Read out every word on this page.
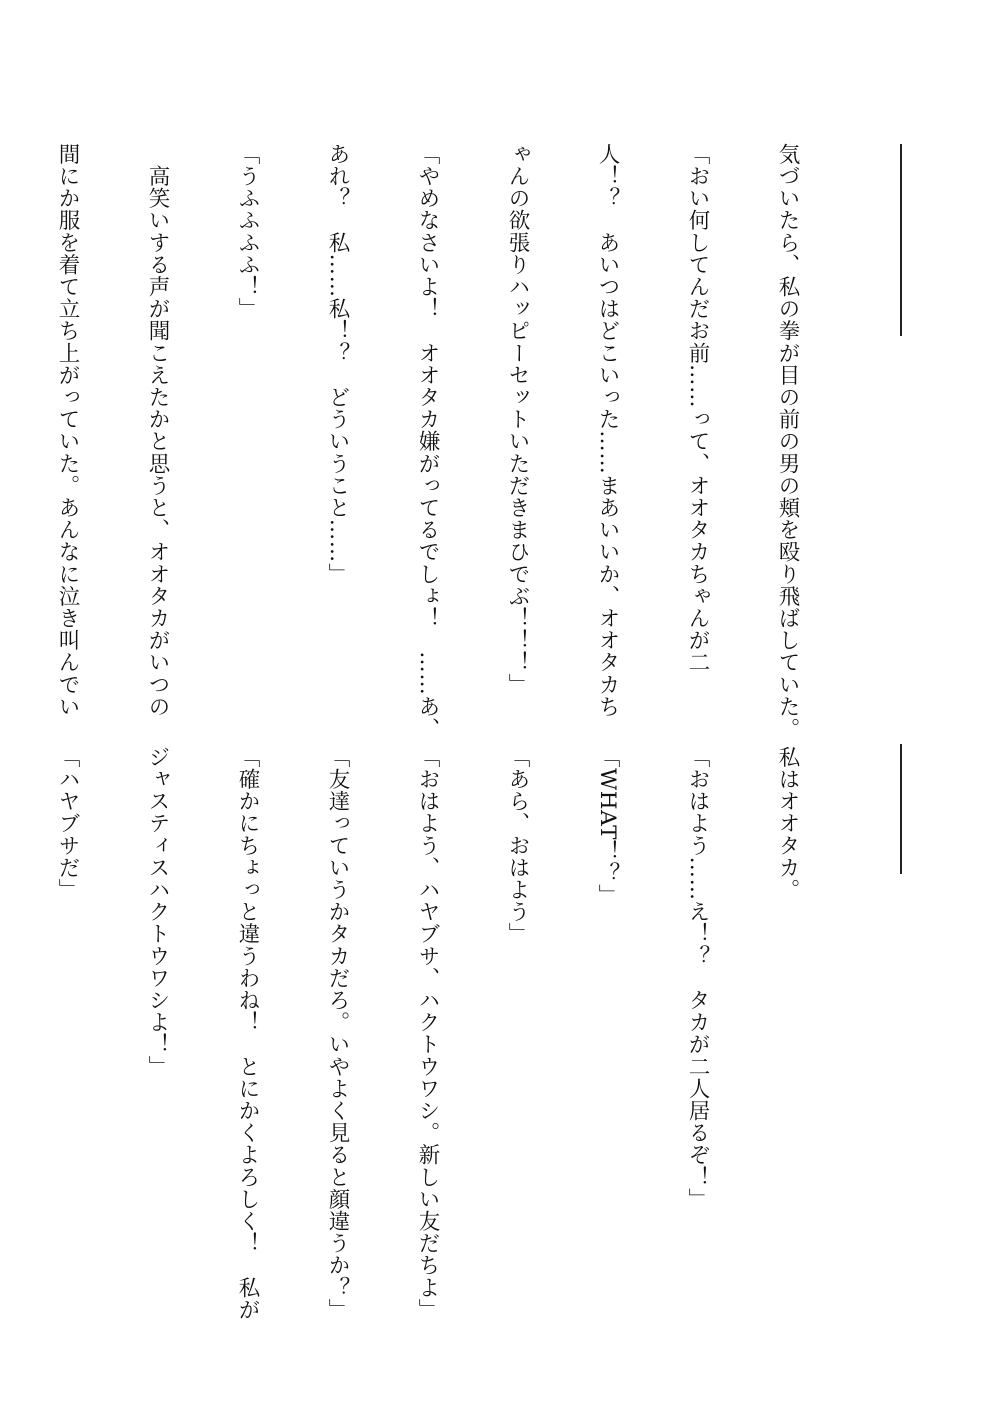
気づいたら、私の拳が目の前の男の頬を殴り飛ばしていた。

「おい何してんだお前……って、オオタカちゃんが二

人！？　あいつはどこいった……まあいいか、オオタカち

ゃんの欲張りハッピーセットいただきまひでぶ！！！」

「やめなさいよ！　オオタカ嫌がってるでしょ！　……あ、

あれ？　私……私！？　どういうこと……」

「うふふふふ！」

　高笑いする声が聞こえたかと思うと、オオタカがいつの

間にか服を着て立ち上がっていた。あんなに泣き叫んでい

私はオオタカ。

「おはよう……え！？　タカが二人居るぞ！」

「WHAT！？」

「あら、おはよう」

「おはよう、ハヤブサ、ハクトウワシ。新しい友だちよ」

「友達っていうかタカだろ。いやよく見ると顔違うか？」

「確かにちょっと違うわね！　とにかくよろしく！　私が

ジャスティスハクトウワシよ！」

「ハヤブサだ」
